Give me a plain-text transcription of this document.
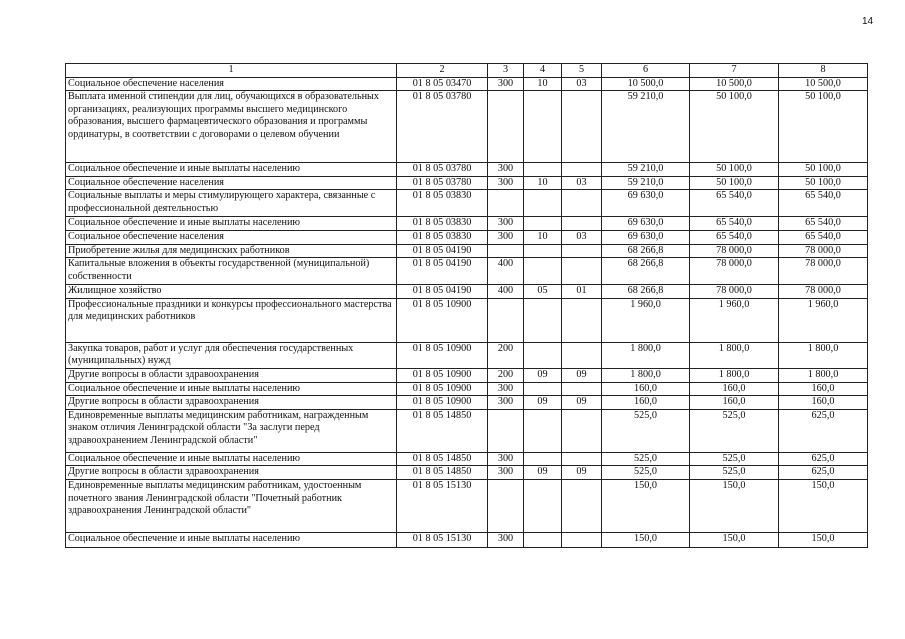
14
1	2	3	4	5	6	7	8
Социальное обеспечение населения	01 8 05 03470	300	10	03	10 500,0	10 500,0	10 500,0
Выплата именной стипендии для лиц, обучающихся в образовательных организациях, реализующих программы высшего медицинского образования, высшего фармацевтического образования и программы ординатуры, в соответствии с договорами о целевом обучении	01 8 05 03780				59 210,0	50 100,0	50 100,0
Социальное обеспечение и иные выплаты населению	01 8 05 03780	300			59 210,0	50 100,0	50 100,0
Социальное обеспечение населения	01 8 05 03780	300	10	03	59 210,0	50 100,0	50 100,0
Социальные выплаты и меры стимулирующего характера, связанные с профессиональной деятельностью	01 8 05 03830				69 630,0	65 540,0	65 540,0
Социальное обеспечение и иные выплаты населению	01 8 05 03830	300			69 630,0	65 540,0	65 540,0
Социальное обеспечение населения	01 8 05 03830	300	10	03	69 630,0	65 540,0	65 540,0
Приобретение жилья для медицинских работников	01 8 05 04190				68 266,8	78 000,0	78 000,0
Капитальные вложения в объекты государственной (муниципальной) собственности	01 8 05 04190	400			68 266,8	78 000,0	78 000,0
Жилищное хозяйство	01 8 05 04190	400	05	01	68 266,8	78 000,0	78 000,0
Профессиональные праздники и конкурсы профессионального мастерства для медицинских работников	01 8 05 10900				1 960,0	1 960,0	1 960,0
Закупка товаров, работ и услуг для обеспечения государственных (муниципальных) нужд	01 8 05 10900	200			1 800,0	1 800,0	1 800,0
Другие вопросы в области здравоохранения	01 8 05 10900	200	09	09	1 800,0	1 800,0	1 800,0
Социальное обеспечение и иные выплаты населению	01 8 05 10900	300			160,0	160,0	160,0
Другие вопросы в области здравоохранения	01 8 05 10900	300	09	09	160,0	160,0	160,0
Единовременные выплаты медицинским работникам, награжденным знаком отличия Ленинградской области "За заслуги перед здравоохранением Ленинградской области"	01 8 05 14850				525,0	525,0	625,0
Социальное обеспечение и иные выплаты населению	01 8 05 14850	300			525,0	525,0	625,0
Другие вопросы в области здравоохранения	01 8 05 14850	300	09	09	525,0	525,0	625,0
Единовременные выплаты медицинским работникам, удостоенным почетного звания Ленинградской области "Почетный работник здравоохранения Ленинградской области"	01 8 05 15130				150,0	150,0	150,0
Социальное обеспечение и иные выплаты населению	01 8 05 15130	300			150,0	150,0	150,0
